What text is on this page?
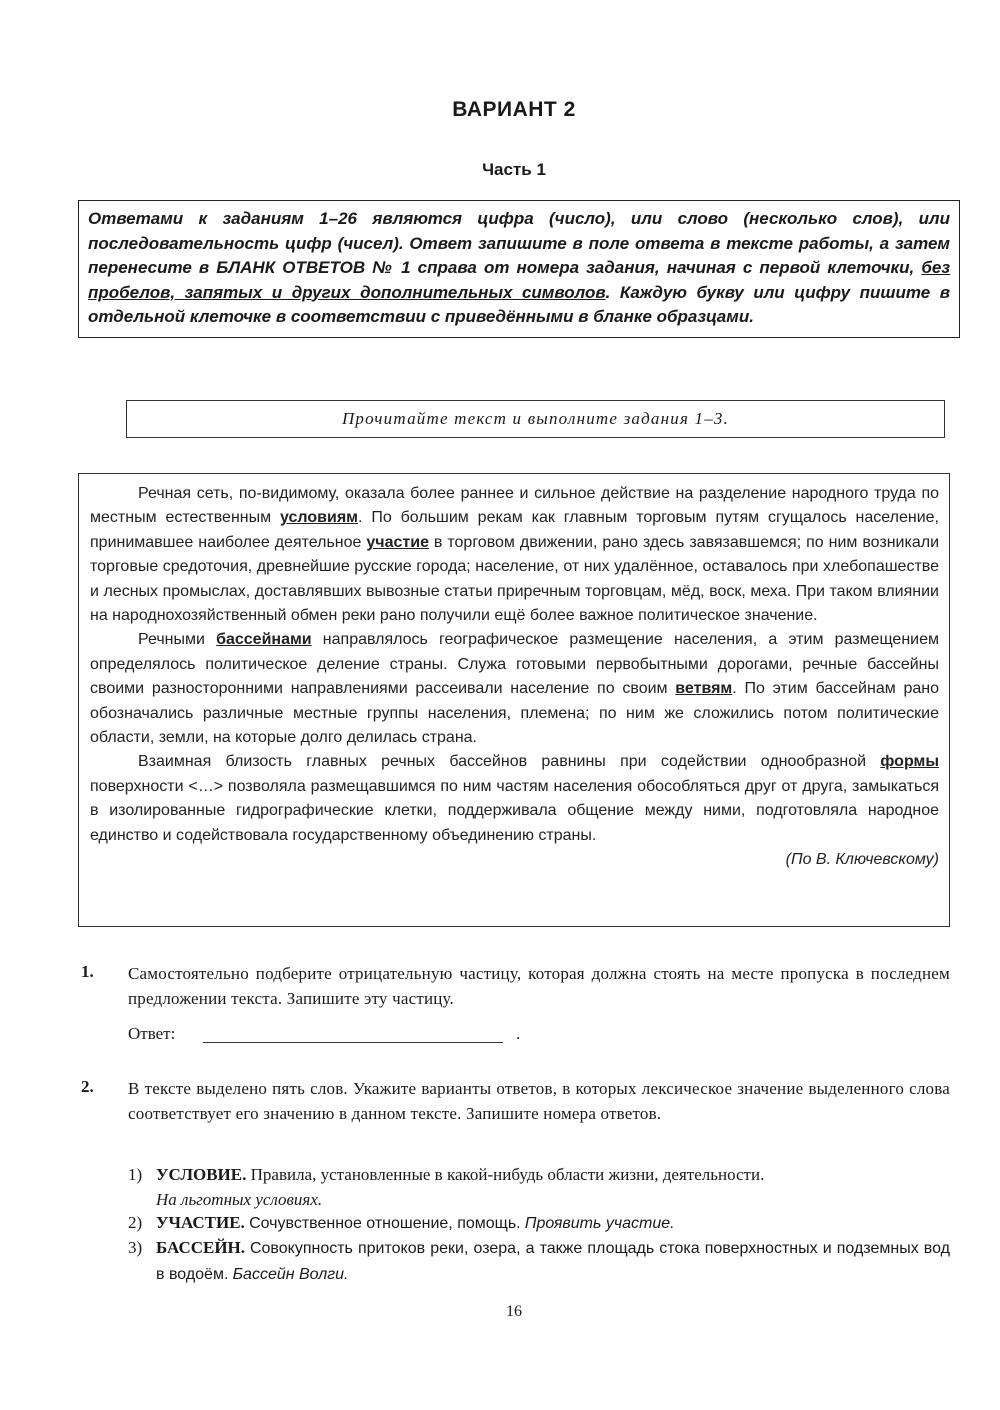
ВАРИАНТ 2
Часть 1
Ответами к заданиям 1–26 являются цифра (число), или слово (несколько слов), или последовательность цифр (чисел). Ответ запишите в поле ответа в тексте работы, а затем перенесите в БЛАНК ОТВЕТОВ № 1 справа от номера задания, начиная с первой клеточки, без пробелов, запятых и других дополнительных символов. Каждую букву или цифру пишите в отдельной клеточке в соответствии с приведёнными в бланке образцами.
Прочитайте текст и выполните задания 1–3.

Речная сеть, по-видимому, оказала более раннее и сильное действие на разделение народного труда по местным естественным условиям. По большим рекам как главным торговым путям сгущалось население, принимавшее наиболее деятельное участие в торговом движении, рано здесь завязавшемся; по ним возникали торговые средоточия, древнейшие русские города; население, от них удалённое, оставалось при хлебопашестве и лесных промыслах, доставлявших вывозные статьи приречным торговцам, мёд, воск, меха. При таком влиянии на народнохозяйственный обмен реки рано получили ещё более важное политическое значение.

Речными бассейнами направлялось географическое размещение населения, а этим размещением определялось политическое деление страны. Служа готовыми первобытными дорогами, речные бассейны своими разносторонними направлениями рассеивали население по своим ветвям. По этим бассейнам рано обозначались различные местные группы населения, племена; по ним же сложились потом политические области, земли, на которые долго делилась страна.

Взаимная близость главных речных бассейнов равнины при содействии однообразной формы поверхности <…> позволяла размещавшимся по ним частям населения обособляться друг от друга, замыкаться в изолированные гидрографические клетки, поддерживала общение между ними, подготовляла народное единство и содействовала государственному объединению страны.

(По В. Ключевскому)

1. Самостоятельно подберите отрицательную частицу, которая должна стоять на месте пропуска в последнем предложении текста. Запишите эту частицу.
Ответ:	.
2. В тексте выделено пять слов. Укажите варианты ответов, в которых лексическое значение выделенного слова соответствует его значению в данном тексте. Запишите номера ответов.
1) УСЛОВИЕ. Правила, установленные в какой-нибудь области жизни, деятельности.
На льготных условиях.
2) УЧАСТИЕ. Сочувственное отношение, помощь. Проявить участие.
3) БАССЕЙН. Совокупность притоков реки, озера, а также площадь стока поверхностных и подземных вод в водоём. Бассейн Волги.
16
